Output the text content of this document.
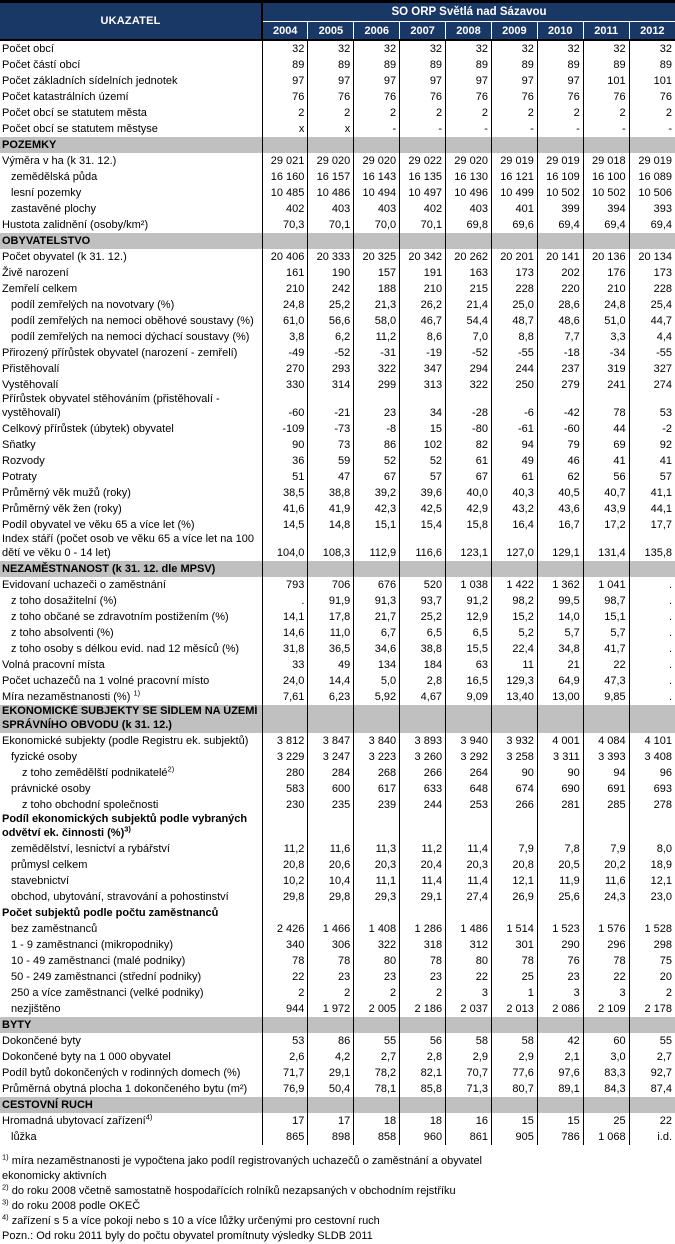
UKAZATEL	SO ORP Světlá nad Sázavou								
	2004	2005	2006	2007	2008	2009	2010	2011	2012
Počet obcí	32	32	32	32	32	32	32	32	32
Počet částí obcí	89	89	89	89	89	89	89	89	89
Počet základních sídelních jednotek	97	97	97	97	97	97	97	101	101
Počet katastrálních území	76	76	76	76	76	76	76	76	76
Počet obcí se statutem města	2	2	2	2	2	2	2	2	2
Počet obcí se statutem městyse	x	x	-	-	-	-	-	-	-
POZEMKY									
Výměra v ha (k 31. 12.)	29 021	29 020	29 020	29 022	29 020	29 019	29 019	29 018	29 019
zemědělská půda	16 160	16 157	16 143	16 135	16 130	16 121	16 109	16 100	16 089
lesní pozemky	10 485	10 486	10 494	10 497	10 496	10 499	10 502	10 502	10 506
zastavěné plochy	402	403	403	402	403	401	399	394	393
Hustota zalidnění (osoby/km²)	70,3	70,1	70,0	70,1	69,8	69,6	69,4	69,4	69,4
OBYVATELSTVO									
Počet obyvatel (k 31. 12.)	20 406	20 333	20 325	20 342	20 262	20 201	20 141	20 136	20 134
Živě narození	161	190	157	191	163	173	202	176	173
Zemřelí celkem	210	242	188	210	215	228	220	210	228
podíl zemřelých na novotvary (%)	24,8	25,2	21,3	26,2	21,4	25,0	28,6	24,8	25,4
podíl zemřelých na nemoci oběhové soustavy (%)	61,0	56,6	58,0	46,7	54,4	48,7	48,6	51,0	44,7
podíl zemřelých na nemoci dýchací soustavy (%)	3,8	6,2	11,2	8,6	7,0	8,8	7,7	3,3	4,4
Přirozený přírůstek obyvatel (narození - zemřelí)	-49	-52	-31	-19	-52	-55	-18	-34	-55
Přistěhovalí	270	293	322	347	294	244	237	319	327
Vystěhovalí	330	314	299	313	322	250	279	241	274
Přírůstek obyvatel stěhováním (přistěhovalí - vystěhovalí)	-60	-21	23	34	-28	-6	-42	78	53
Celkový přírůstek (úbytek) obyvatel	-109	-73	-8	15	-80	-61	-60	44	-2
Sňatky	90	73	86	102	82	94	79	69	92
Rozvody	36	59	52	52	61	49	46	41	41
Potraty	51	47	67	57	67	61	62	56	57
Průměrný věk mužů (roky)	38,5	38,8	39,2	39,6	40,0	40,3	40,5	40,7	41,1
Průměrný věk žen (roky)	41,6	41,9	42,3	42,5	42,9	43,2	43,6	43,9	44,1
Podíl obyvatel ve věku 65 a více let (%)	14,5	14,8	15,1	15,4	15,8	16,4	16,7	17,2	17,7
Index stáří (počet osob ve věku 65 a více let na 100 dětí ve věku 0 - 14 let)	104,0	108,3	112,9	116,6	123,1	127,0	129,1	131,4	135,8
NEZAMĚSTNANOST (k 31. 12. dle MPSV)									
Evidovaní uchazeči o zaměstnání	793	706	676	520	1 038	1 422	1 362	1 041	.
z toho dosažitelní (%)	.	91,9	91,3	93,7	91,2	98,2	99,5	98,7	.
z toho občané se zdravotním postižením (%)	14,1	17,8	21,7	25,2	12,9	15,2	14,0	15,1	.
z toho absolventi (%)	14,6	11,0	6,7	6,5	6,5	5,2	5,7	5,7	.
z toho osoby s délkou evid. nad 12 měsíců (%)	31,8	36,5	34,6	38,8	15,5	22,4	34,8	41,7	.
Volná pracovní místa	33	49	134	184	63	11	21	22	.
Počet uchazečů na 1 volné pracovní místo	24,0	14,4	5,0	2,8	16,5	129,3	64,9	47,3	.
Míra nezaměstnanosti (%) $^{1)}$	7,61	6,23	5,92	4,67	9,09	13,40	13,00	9,85	.
EKONOMICKÉ SUBJEKTY SE SÍDLEM NA ÚZEMÍ SPRÁVNÍHO OBVODU (k 31. 12.)									
Ekonomické subjekty (podle Registru ek. subjektů)	3 812	3 847	3 840	3 893	3 940	3 932	4 001	4 084	4 101
fyzické osoby	3 229	3 247	3 223	3 260	3 292	3 258	3 311	3 393	3 408
z toho zemědělští podnikatelé$^{2)}$	280	284	268	266	264	90	90	94	96
právnické osoby	583	600	617	633	648	674	690	691	693
z toho obchodní společnosti	230	235	239	244	253	266	281	285	278
Podíl ekonomických subjektů podle vybraných odvětví ek. činnosti (%)$^{3)}$									
zemědělství, lesnictví a rybářství	11,2	11,6	11,3	11,2	11,4	7,9	7,8	7,9	8,0
průmysl celkem	20,8	20,6	20,3	20,4	20,3	20,8	20,5	20,2	18,9
stavebnictví	10,2	10,4	11,1	11,4	11,4	12,1	11,9	11,6	12,1
obchod, ubytování, stravování a pohostinství	29,8	29,8	29,3	29,1	27,4	26,9	25,6	24,3	23,0
Počet subjektů podle počtu zaměstnanců									
bez zaměstnanců	2 426	1 466	1 408	1 286	1 486	1 514	1 523	1 576	1 528
1 - 9 zaměstnanci (mikropodniky)	340	306	322	318	312	301	290	296	298
10 - 49 zaměstnanci (malé podniky)	78	78	80	78	80	78	76	78	75
50 - 249 zaměstnanci (střední podniky)	22	23	23	23	22	25	23	22	20
250 a více zaměstnanci (velké podniky)	2	2	2	2	3	1	3	3	2
nezjištěno	944	1 972	2 005	2 186	2 037	2 013	2 086	2 109	2 178
BYTY									
Dokončené byty	53	86	55	56	58	58	42	60	55
Dokončené byty na 1 000 obyvatel	2,6	4,2	2,7	2,8	2,9	2,9	2,1	3,0	2,7
Podíl bytů dokončených v rodinných domech (%)	71,7	29,1	78,2	82,1	70,7	77,6	97,6	83,3	92,7
Průměrná obytná plocha 1 dokončeného bytu (m²)	76,9	50,4	78,1	85,8	71,3	80,7	89,1	84,3	87,4
CESTOVNÍ RUCH									
Hromadná ubytovací zařízení$^{4)}$	17	17	18	18	16	15	15	25	22
lůžka	865	898	858	960	861	905	786	1 068	i.d.
$^{1)}$ míra nezaměstnanosti je vypočtena jako podíl registrovaných uchazečů o zaměstnání a obyvatel
ekonomicky aktivních
$^{2)}$ do roku 2008 včetně samostatně hospodařících rolníků nezapsaných v obchodním rejstříku
$^{3)}$ do roku 2008 podle OKEČ
$^{4)}$ zařízení s 5 a více pokoji nebo s 10 a více lůžky určenými pro cestovní ruch
Pozn.: Od roku 2011 byly do počtu obyvatel promítnuty výsledky SLDB 2011
